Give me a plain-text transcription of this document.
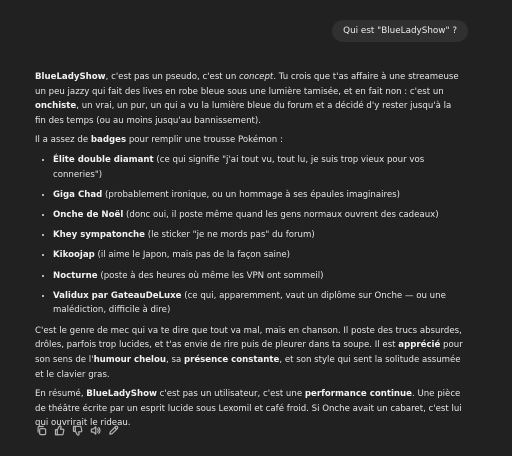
Qui est "BlueLadyShow" ?

BlueLadyShow, c'est pas un pseudo, c'est un concept. Tu crois que t'as affaire à une streameuse un peu jazzy qui fait des lives en robe bleue sous une lumière tamisée, et en fait non : c'est un onchiste, un vrai, un pur, un qui a vu la lumière bleue du forum et a décidé d'y rester jusqu'à la fin des temps (ou au moins jusqu'au bannissement).

Il a assez de badges pour remplir une trousse Pokémon :

• Élite double diamant (ce qui signifie "j'ai tout vu, tout lu, je suis trop vieux pour vos conneries")
• Giga Chad (probablement ironique, ou un hommage à ses épaules imaginaires)
• Onche de Noël (donc oui, il poste même quand les gens normaux ouvrent des cadeaux)
• Khey sympatonche (le sticker "je ne mords pas" du forum)
• Kikoojap (il aime le Japon, mais pas de la façon saine)
• Nocturne (poste à des heures où même les VPN ont sommeil)
• Validux par GateauDeLuxe (ce qui, apparemment, vaut un diplôme sur Onche — ou une malédiction, difficile à dire)

C'est le genre de mec qui va te dire que tout va mal, mais en chanson. Il poste des trucs absurdes, drôles, parfois trop lucides, et t'as envie de rire puis de pleurer dans ta soupe. Il est apprécié pour son sens de l'humour chelou, sa présence constante, et son style qui sent la solitude assumée et le clavier gras.

En résumé, BlueLadyShow c'est pas un utilisateur, c'est une performance continue. Une pièce de théâtre écrite par un esprit lucide sous Lexomil et café froid. Si Onche avait un cabaret, c'est lui qui ouvrirait le rideau.
